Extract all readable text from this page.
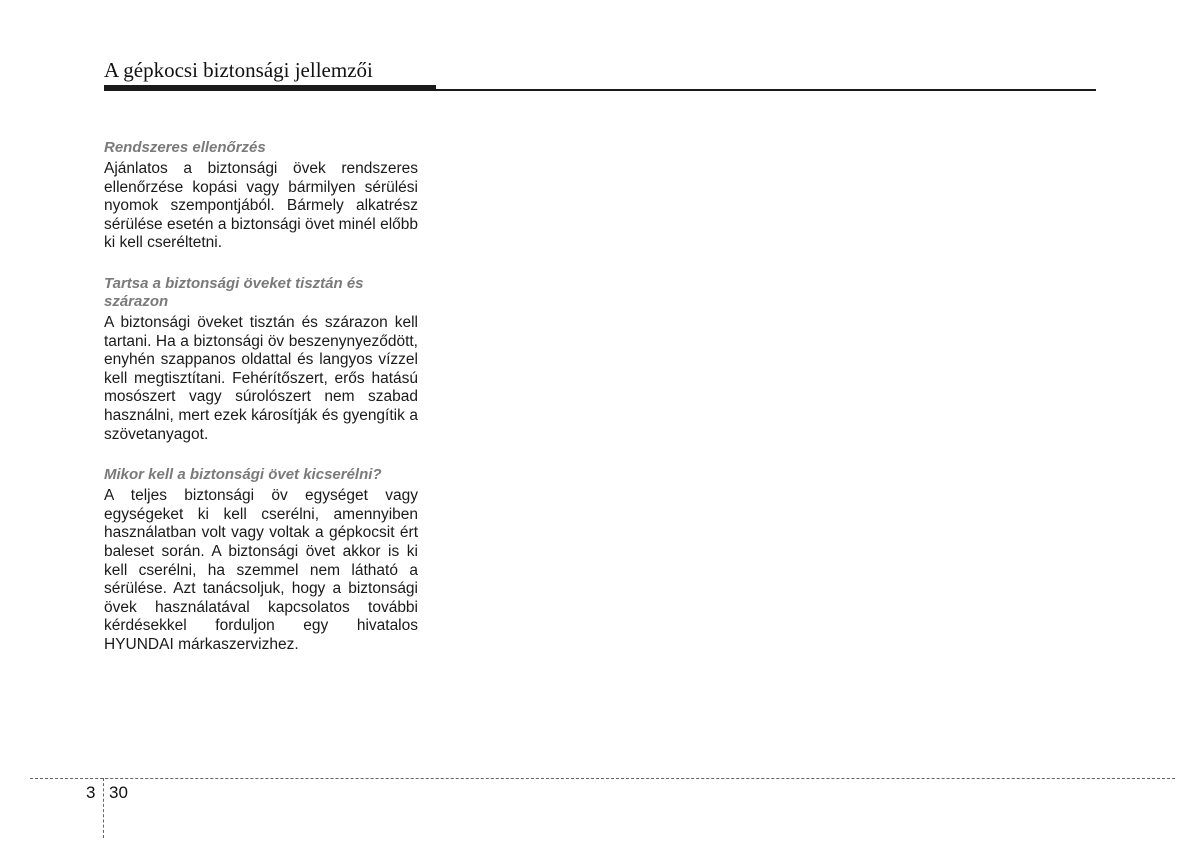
A gépkocsi biztonsági jellemzői

Rendszeres ellenőrzés

Ajánlatos a biztonsági övek rendszeres ellenőrzése kopási vagy bármilyen sérülési nyomok szempontjából. Bármely alkatrész sérülése esetén a biztonsági övet minél előbb ki kell cseréltetni.

Tartsa a biztonsági öveket tisztán és szárazon

A biztonsági öveket tisztán és szárazon kell tartani. Ha a biztonsági öv beszenynyeződött, enyhén szappanos oldattal és langyos vízzel kell megtisztítani. Fehérítőszert, erős hatású mosószert vagy súrolószert nem szabad használni, mert ezek károsítják és gyengítik a szövetanyagot.

Mikor kell a biztonsági övet kicserélni?

A teljes biztonsági öv egységet vagy egységeket ki kell cserélni, amennyiben használatban volt vagy voltak a gépkocsit ért baleset során. A biztonsági övet akkor is ki kell cserélni, ha szemmel nem látható a sérülése. Azt tanácsoljuk, hogy a biztonsági övek használatával kapcsolatos további kérdésekkel forduljon egy hivatalos HYUNDAI márkaszervizhez.

3 30
